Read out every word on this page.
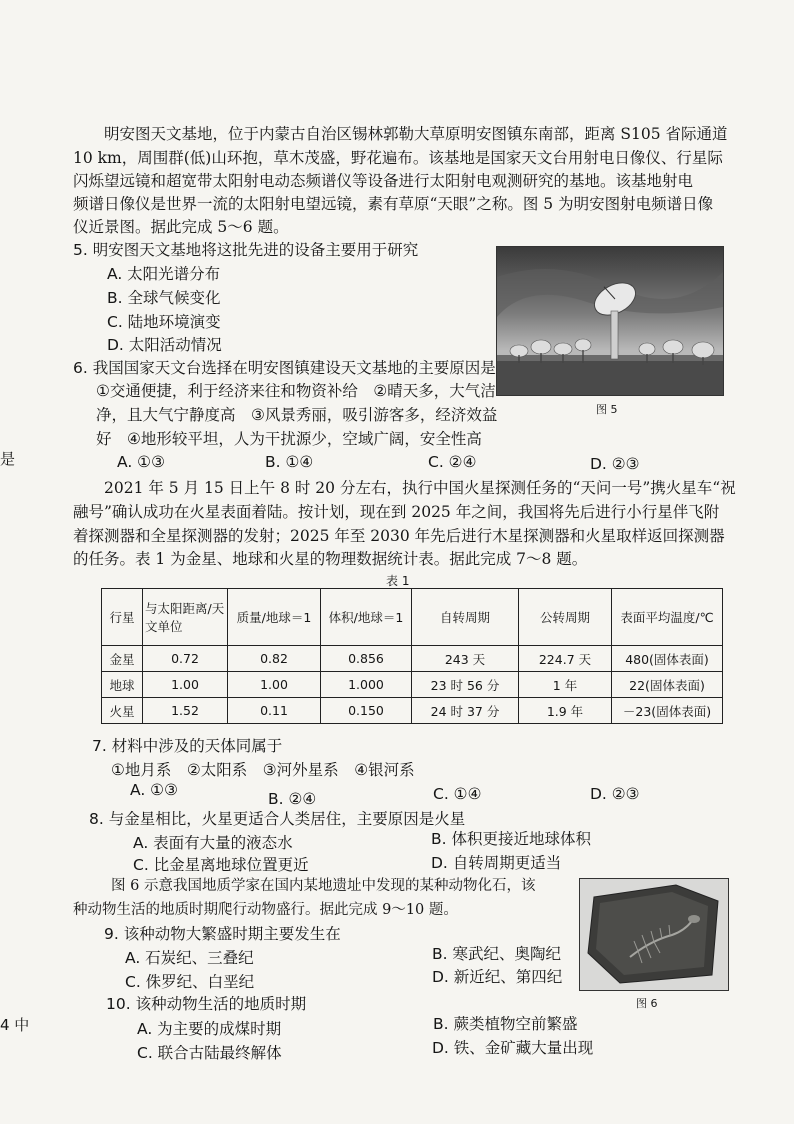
明安图天文基地，位于内蒙古自治区锡林郭勒大草原明安图镇东南部，距离 S105 省际通道
10 km，周围群(低)山环抱，草木茂盛，野花遍布。该基地是国家天文台用射电日像仪、行星际
闪烁望远镜和超宽带太阳射电动态频谱仪等设备进行太阳射电观测研究的基地。该基地射电
频谱日像仪是世界一流的太阳射电望远镜，素有草原“天眼”之称。图 5 为明安图射电频谱日像
仪近景图。据此完成 5～6 题。
5. 明安图天文基地将这批先进的设备主要用于研究
A. 太阳光谱分布
B. 全球气候变化
C. 陆地环境演变
D. 太阳活动情况
图 5
6. 我国国家天文台选择在明安图镇建设天文基地的主要原因是
①交通便捷，利于经济来往和物资补给　②晴天多，大气洁
净，且大气宁静度高　③风景秀丽，吸引游客多，经济效益
好　④地形较平坦，人为干扰源少，空域广阔，安全性高
A. ①③	B. ①④	C. ②④	D. ②③
2021 年 5 月 15 日上午 8 时 20 分左右，执行中国火星探测任务的“天问一号”携火星车“祝
融号”确认成功在火星表面着陆。按计划，现在到 2025 年之间，我国将先后进行小行星伴飞附
着探测器和全星探测器的发射；2025 年至 2030 年先后进行木星探测器和火星取样返回探测器
的任务。表 1 为金星、地球和火星的物理数据统计表。据此完成 7～8 题。
表 1
行星	与太阳距离/天文单位	质量/地球＝1	体积/地球＝1	自转周期	公转周期	表面平均温度/℃
金星	0.72	0.82	0.856	243 天	224.7 天	480(固体表面)
地球	1.00	1.00	1.000	23 时 56 分	1 年	22(固体表面)
火星	1.52	0.11	0.150	24 时 37 分	1.9 年	－23(固体表面)
7. 材料中涉及的天体同属于
①地月系　②太阳系　③河外星系　④银河系
A. ①③	B. ②④	C. ①④	D. ②③
8. 与金星相比，火星更适合人类居住，主要原因是火星
A. 表面有大量的液态水	B. 体积更接近地球体积
C. 比金星离地球位置更近	D. 自转周期更适当
图 6 示意我国地质学家在国内某地遗址中发现的某种动物化石，该
种动物生活的地质时期爬行动物盛行。据此完成 9～10 题。
图 6
9. 该种动物大繁盛时期主要发生在
A. 石炭纪、三叠纪	B. 寒武纪、奥陶纪
C. 侏罗纪、白垩纪	D. 新近纪、第四纪
10. 该种动物生活的地质时期
A. 为主要的成煤时期	B. 蕨类植物空前繁盛
C. 联合古陆最终解体	D. 铁、金矿藏大量出现
是
4 中
